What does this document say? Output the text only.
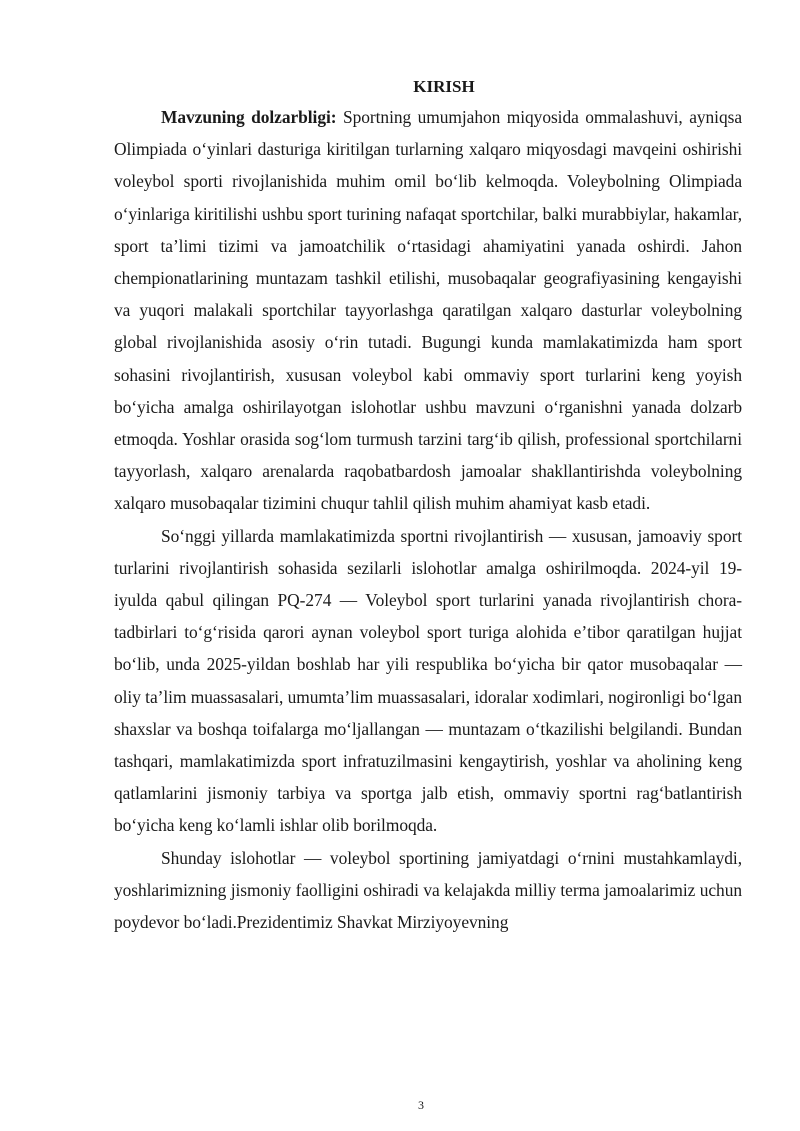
KIRISH

Mavzuning dolzarbligi: Sportning umumjahon miqyosida ommalashuvi, ayniqsa Olimpiada oʻyinlari dasturiga kiritilgan turlarning xalqaro miqyosdagi mavqeini oshirishi voleybol sporti rivojlanishida muhim omil boʻlib kelmoqda. Voleybolning Olimpiada oʻyinlariga kiritilishi ushbu sport turining nafaqat sportchilar, balki murabbiylar, hakamlar, sport taʼlimi tizimi va jamoatchilik oʻrtasidagi ahamiyatini yanada oshirdi. Jahon chempionatlarining muntazam tashkil etilishi, musobaqalar geografiyasining kengayishi va yuqori malakali sportchilar tayyorlashga qaratilgan xalqaro dasturlar voleybolning global rivojlanishida asosiy oʻrin tutadi. Bugungi kunda mamlakatimizda ham sport sohasini rivojlantirish, xususan voleybol kabi ommaviy sport turlarini keng yoyish boʻyicha amalga oshirilayotgan islohotlar ushbu mavzuni oʻrganishni yanada dolzarb etmoqda. Yoshlar orasida sogʻlom turmush tarzini targʻib qilish, professional sportchilarni tayyorlash, xalqaro arenalarda raqobatbardosh jamoalar shakllantirishda voleybolning xalqaro musobaqalar tizimini chuqur tahlil qilish muhim ahamiyat kasb etadi.

Soʻnggi yillarda mamlakatimizda sportni rivojlantirish — xususan, jamoaviy sport turlarini rivojlantirish sohasida sezilarli islohotlar amalga oshirilmoqda. 2024-yil 19-iyulda qabul qilingan PQ-274 — Voleybol sport turlarini yanada rivojlantirish chora-tadbirlari toʻgʻrisida qarori aynan voleybol sport turiga alohida eʼtibor qaratilgan hujjat boʻlib, unda 2025-yildan boshlab har yili respublika boʻyicha bir qator musobaqalar — oliy taʼlim muassasalari, umumtaʼlim muassasalari, idoralar xodimlari, nogironligi boʻlgan shaxslar va boshqa toifalarga moʻljallangan — muntazam oʻtkazilishi belgilandi. Bundan tashqari, mamlakatimizda sport infratuzilmasini kengaytirish, yoshlar va aholining keng qatlamlarini jismoniy tarbiya va sportga jalb etish, ommaviy sportni ragʻbatlantirish boʻyicha keng koʻlamli ishlar olib borilmoqda.

Shunday islohotlar — voleybol sportining jamiyatdagi oʻrnini mustahkamlaydi, yoshlarimizning jismoniy faolligini oshiradi va kelajakda milliy terma jamoalarimiz uchun poydevor boʻladi.Prezidentimiz Shavkat Mirziyoyevning

3
